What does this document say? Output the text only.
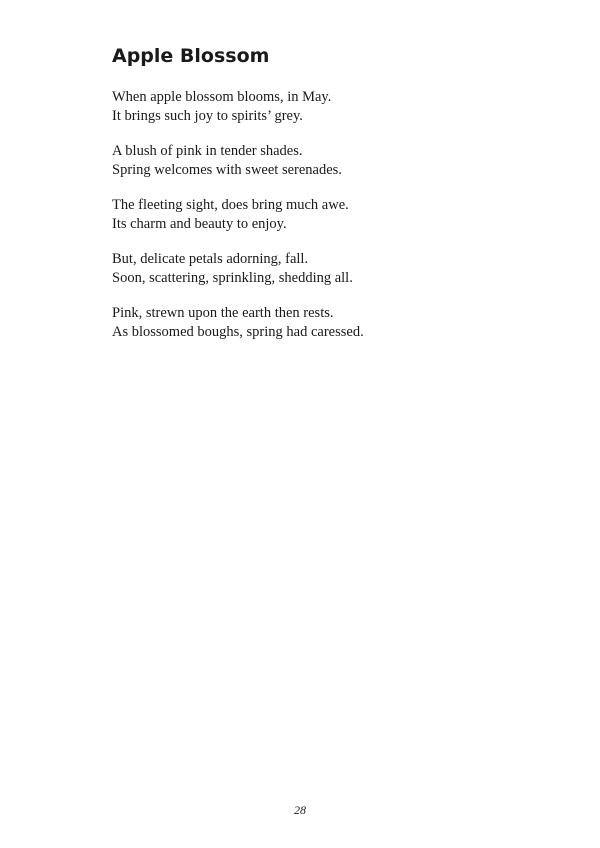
Apple Blossom

When apple blossom blooms, in May.
It brings such joy to spirits’ grey.

A blush of pink in tender shades.
Spring welcomes with sweet serenades.

The fleeting sight, does bring much awe.
Its charm and beauty to enjoy.

But, delicate petals adorning, fall.
Soon, scattering, sprinkling, shedding all.

Pink, strewn upon the earth then rests.
As blossomed boughs, spring had caressed.

28
